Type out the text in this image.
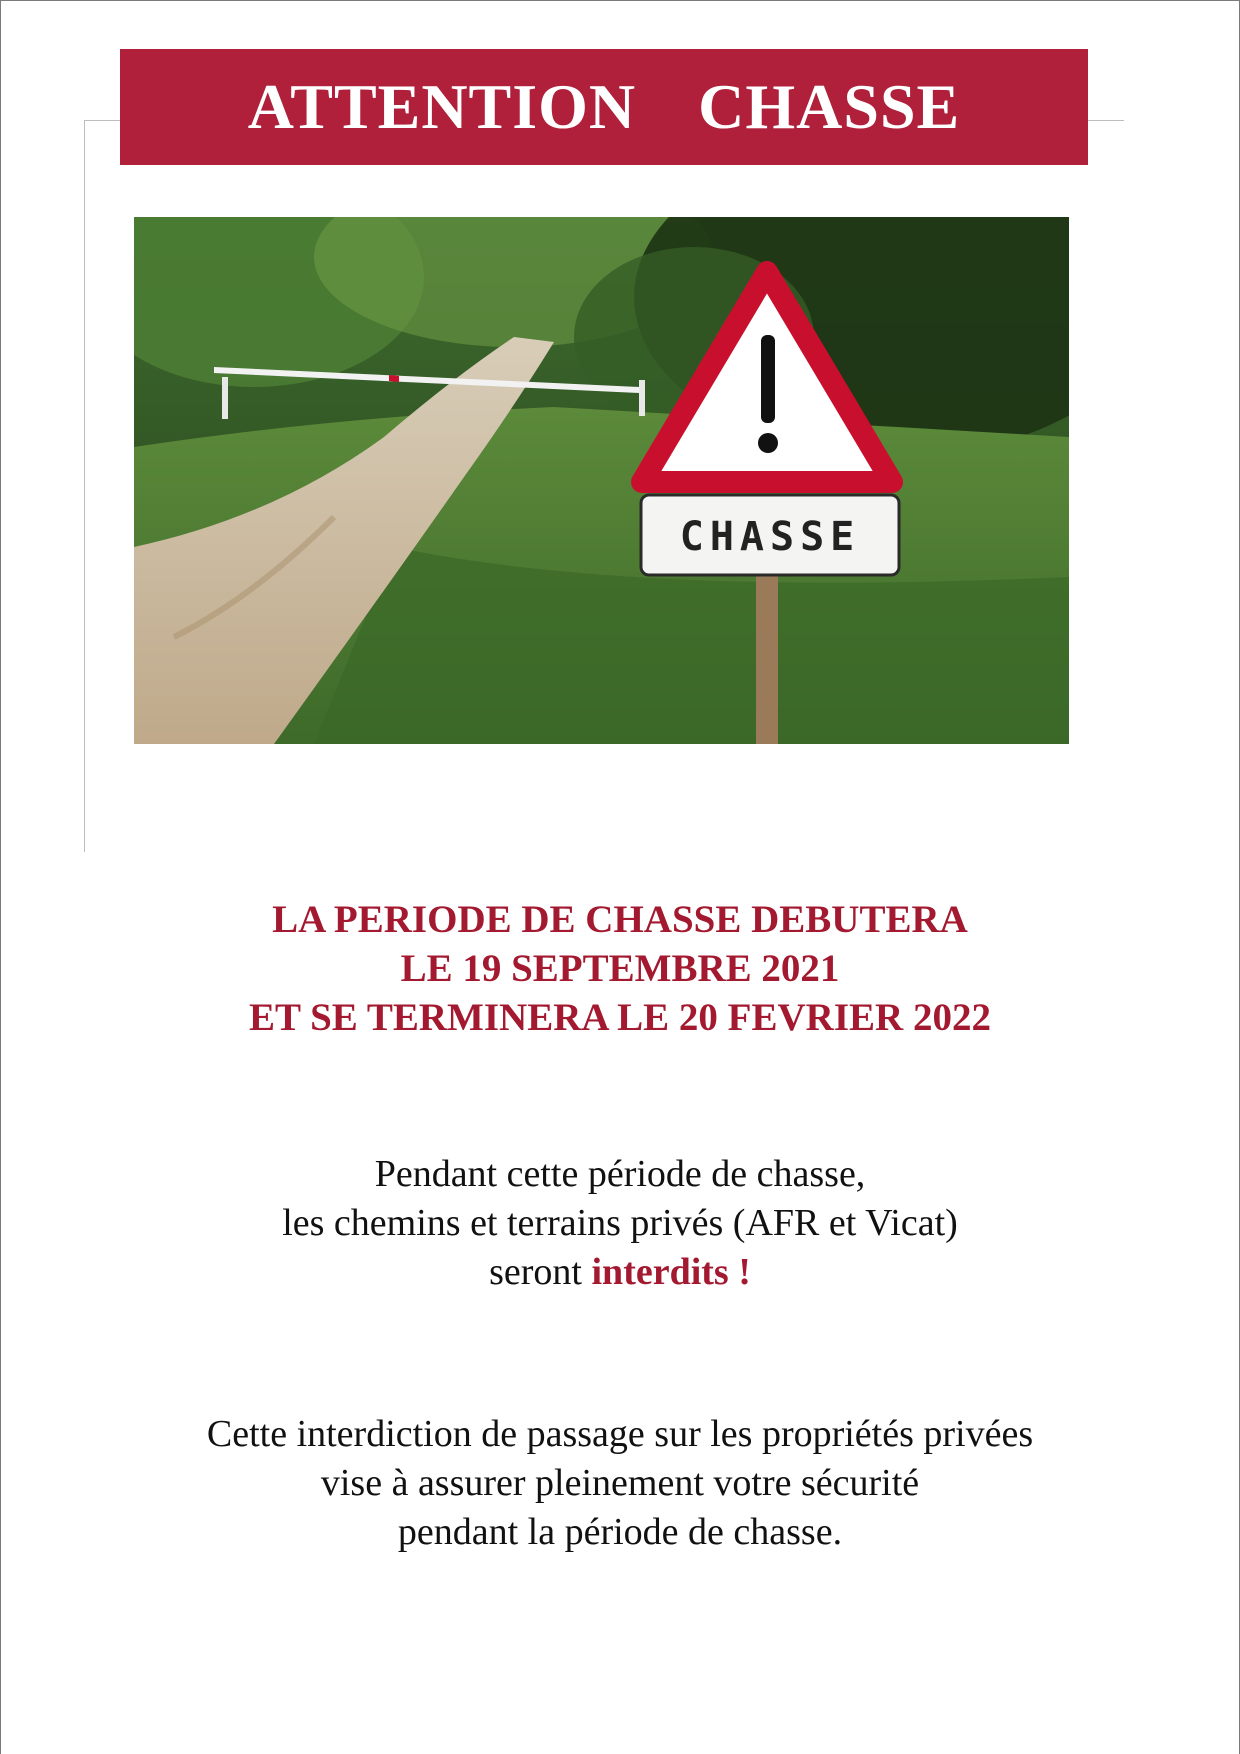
ATTENTION  CHASSE
CHASSE
LA PERIODE DE CHASSE DEBUTERA
LE 19 SEPTEMBRE 2021
ET SE TERMINERA LE 20 FEVRIER 2022
Pendant cette période de chasse,
les chemins et terrains privés (AFR et Vicat)
seront interdits !
Cette interdiction de passage sur les propriétés privées
vise à assurer pleinement votre sécurité
pendant la période de chasse.
